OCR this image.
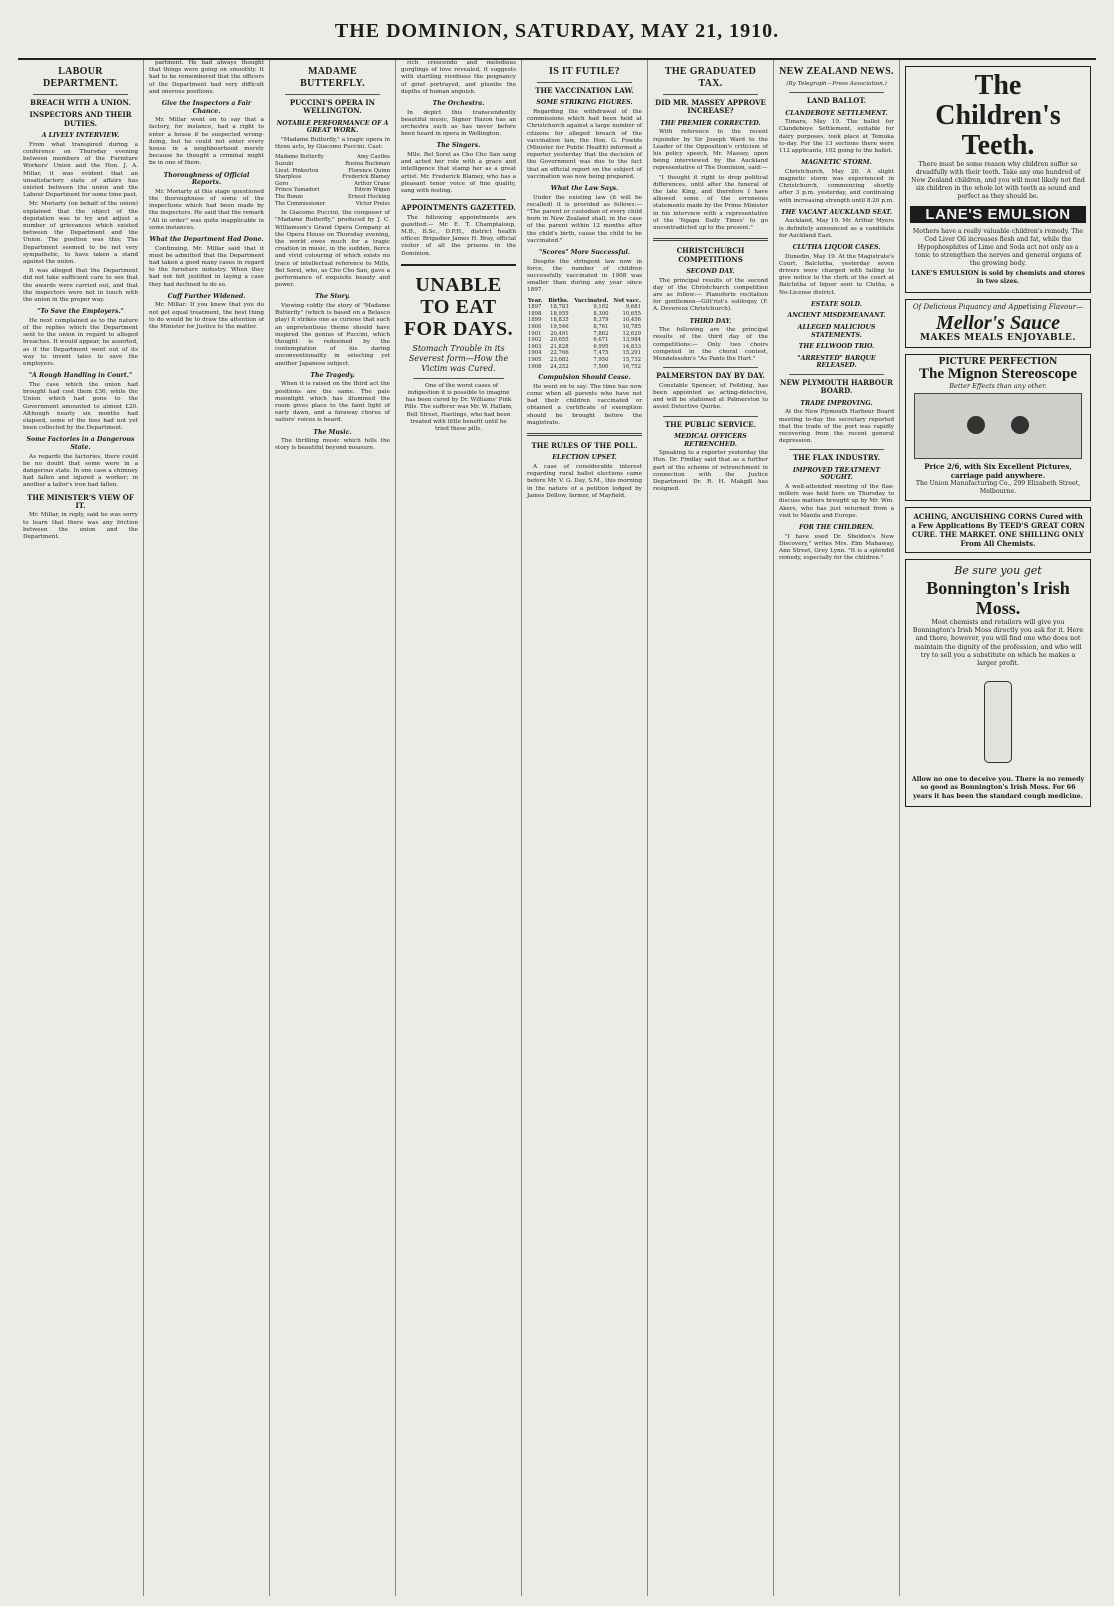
THE DOMINION, SATURDAY, MAY 21, 1910.
LABOUR DEPARTMENT.
BREACH WITH A UNION.
INSPECTORS AND THEIR DUTIES.
A LIVELY INTERVIEW.

From what transpired during a conference on Thursday evening between members of the Furniture Workers' Union and the Hon. J. A. Millar, it was evident that an unsatisfactory state of affairs has existed between the union and the Labour Department for some time past.

Mr. Moriarty (on behalf of the union) explained that the object of the deputation was to try and adjust a number of grievances which existed between the Department and the Union. The position was this: The Department seemed to be not very sympathetic, to have taken a stand against the union.

It was alleged that the Department did not take sufficient care to see that the awards were carried out, and that the inspectors were not in touch with the union in the proper way.

"To Save the Employers."

He next complained as to the nature of the replies which the Department sent to the union in regard to alleged breaches. It would appear, he asserted, as if the Department went out of its way to invent tales to save the employers.

"A Rough Handling in Court."

The case which the union had brought had cost them £36, while the Union which had gone to the Government amounted to almost £20. Although nearly six months had elapsed, some of the fees had not yet been collected by the Department.

Some Factories in a Dangerous State.

As regards the factories, there could be no doubt that some were in a dangerous state. In one case a chimney had fallen and injured a worker; in another a tailor's iron had fallen.

THE MINISTER'S VIEW OF IT.

Mr. Millar, in reply, said he was sorry to learn that there was any friction between the union and the Department.

partment. He had always thought that things were going on smoothly. It had to be remembered that the officers of the Department had very difficult and onerous positions.

Give the Inspectors a Fair Chance.

Mr. Millar went on to say that a factory, for instance, had a right to enter a house if he suspected wrong-doing, but he could not enter every house in a neighbourhood merely because he thought a criminal might be in one of them.

Thoroughness of Official Reports.

Mr. Moriarty at this stage questioned the thoroughness of some of the inspections which had been made by the inspectors. He said that the remark "All in order" was quite inapplicable in some instances.

What the Department Had Done.

Continuing, Mr. Millar said that it must be admitted that the Department had taken a good many cases in regard to the furniture industry. When they had not felt justified in laying a case they had declined to do so.

Cuff Further Widened.

Mr. Millar: If you knew that you do not get equal treatment, the best thing to do would be to draw the attention of the Minister for Justice to the matter.

MADAME BUTTERFLY.
PUCCINI'S OPERA IN WELLINGTON.
NOTABLE PERFORMANCE OF A GREAT WORK.

"Madame Butterfly," a tragic opera in three acts, by Giacomo Puccini. Cast:

Madame Butterfly	Amy Castles
Suzuki	Rosina Buckman
Lieut. Pinkerton	Florence Quinn
Sharpless	Frederick Blamey
Goro	Arthur Crane
Prince Yamadori	Edwin Wigan
The Bonze	Ernest Hocking
The Commissioner	Victor Preiss

In Giacomo Puccini, the composer of "Madame Butterfly," produced by J. C. Williamson's Grand Opera Company at the Opera House on Thursday evening, the world owes much for a tragic creation in music, in the sudden, fierce and vivid colouring of which exists no trace of intellectual reference to Mills, Bel Sorel, who, as Cho Cho San, gave a performance of exquisite beauty and power.

The Story.

Viewing coldly the story of "Madame Butterfly" (which is based on a Belasco play) it strikes one as curious that such an unpretentious theme should have inspired the genius of Puccini, which thought is redeemed by the contemplation of his daring unconventionality in selecting yet another Japanese subject.

The Tragedy.

When it is raised on the third act the positions are the same. The pale moonlight which has illumined the room gives place to the faint light of early dawn, and a faraway chorus of sailors' voices is heard.

The Music.

The thrilling music which tells the story is beautiful beyond measure.

rich crescendo and melodious gurglings of love revealed, it suggests with startling vividness the poignancy of grief portrayed, and plumbs the depths of human anguish.

The Orchestra.

In depict this transcendently beautiful music, Signor Hazon has an orchestra such as has never before been heard in opera in Wellington.

The Singers.

Mlle. Bel Sorel as Cho Cho San sang and acted her role with a grace and intelligence that stamp her as a great artist. Mr. Frederick Blamey, who has a pleasant tenor voice of fine quality, sang with feeling.

APPOINTMENTS GAZETTED.

The following appointments are gazetted:— Mr. E. T. Champtaloup, M.B., B.Sc., D.P.H., district health officer. Brigadier James H. Bray, official visitor of all the prisons in the Dominion.

UNABLE TO EAT FOR DAYS.
Stomach Trouble in its Severest form—How the Victim was Cured.

One of the worst cases of indigestion it is possible to imagine has been cured by Dr. Williams' Pink Pills. The sufferer was Mr. W. Hallam, Bell Street, Hastings, who had been treated with little benefit until he tried these pills.

IS IT FUTILE?
THE VACCINATION LAW.
SOME STRIKING FIGURES.

Regarding the withdrawal of the commissions which had been held at Christchurch against a large number of citizens for alleged breach of the vaccination law, the Hon. G. Fowlds (Minister for Public Health) informed a reporter yesterday that the decision of the Government was due to the fact that an official report on the subject of vaccination was now being prepared.

What the Law Says.

Under the existing law (it will be recalled) it is provided as follows:— "The parent or custodian of every child born in New Zealand shall, in the case of the parent within 12 months after the child's birth, cause the child to be vaccinated."

"Scores" More Successful.

Despite the stringent law now in force, the number of children successfully vaccinated in 1908 was smaller than during any year since 1897.

Year.	Births.	Vaccinated.	Not vacc.
1897	18,783	9,102	9,681
1898	18,955	8,300	10,655
1899	18,835	8,379	10,456
1900	19,546	8,761	10,785
1901	20,491	7,862	12,629
1902	20,655	6,671	13,984
1903	21,828	6,995	14,833
1904	22,766	7,475	15,291
1905	23,682	7,950	15,732
1908	24,252	7,500	16,752
Compulsion Should Cease.

He went on to say: The time has now come when all parents who have not had their children vaccinated or obtained a certificate of exemption should be brought before the magistrate.

THE RULES OF THE POLL.
ELECTION UPSET.

A case of considerable interest regarding rural ballot elections came before Mr. V. G. Day, S.M., this morning in the nature of a petition lodged by James Dellow, farmer, of Mayfield.

THE GRADUATED TAX.
DID MR. MASSEY APPROVE INCREASE?
THE PREMIER CORRECTED.

With reference to the recent rejoinder by Sir Joseph Ward to the Leader of the Opposition's criticism of his policy speech, Mr. Massey, upon being interviewed by the Auckland representative of The Dominion, said:—

"I thought it right to drop political differences, until after the funeral of the late King, and therefore I have allowed some of the erroneous statements made by the Prime Minister in his interview with a representative of the 'Ngapu Daily Times' to go uncontradicted up to the present."

CHRISTCHURCH COMPETITIONS
SECOND DAY.

The principal results of the second day of the Christchurch competition are as follow:— Pianoforte recitation for gentlemen—Gilt'rist's soliloquy (F. A. Devereux Christchurch).

THIRD DAY.

The following are the principal results of the third day of the competitions:— Only two choirs competed in the choral contest, Mendelssohn's "As Pants the Hart."

PALMERSTON DAY BY DAY.

Constable Spencer, of Feilding, has been appointed as acting-detective, and will be stationed at Palmerston to assist Detective Quirke.

THE PUBLIC SERVICE.
MEDICAL OFFICERS RETRENCHED.

Speaking to a reporter yesterday the Hon. Dr. Findlay said that as a further part of the scheme of retrenchment in connection with the Justice Department Dr. R. H. Makgill has resigned.

NEW ZEALAND NEWS.
(By Telegraph—Press Association.)
LAND BALLOT.
CLANDEBOYE SETTLEMENT.

Timaru, May 19. The ballot for Clandeboye Settlement, suitable for dairy purposes, took place at Temuka to-day. For the 13 sections there were 112 applicants, 102 going to the ballot.

MAGNETIC STORM.

Christchurch, May 20. A slight magnetic storm was experienced in Christchurch, commencing shortly after 3 p.m. yesterday, and continuing with increasing strength until 8.20 p.m.

THE VACANT AUCKLAND SEAT.

Auckland, May 19. Mr. Arthur Myers is definitely announced as a candidate for Auckland East.

CLUTHA LIQUOR CASES.

Dunedin, May 19. At the Magistrate's Court, Balclutha, yesterday seven drivers were charged with failing to give notice to the clerk of the court at Balclutha of liquor sent to Clutha, a No-License district.

ESTATE SOLD.
ANCIENT MISDEMEANANT.
ALLEGED MALICIOUS STATEMENTS.
THE ELLWOOD TRIO.
"ARRESTED" BARQUE RELEASED.
NEW PLYMOUTH HARBOUR BOARD.
TRADE IMPROVING.

At the New Plymouth Harbour Board meeting to-day the secretary reported that the trade of the port was rapidly recovering from the recent general depression.

THE FLAX INDUSTRY.
IMPROVED TREATMENT SOUGHT.

A well-attended meeting of the flax-millers was held here on Thursday to discuss matters brought up by Mr. Wm. Akers, who has just returned from a visit to Manila and Europe.

FOR THE CHILDREN.

"I have used Dr. Sheldon's New Discovery," writes Mrs. Elm Mahaway, Ann Street, Grey Lynn. "It is a splendid remedy, especially for the children."

The Children's Teeth.

There must be some reason why children suffer so dreadfully with their teeth. Take any one hundred of New Zealand children, and you will most likely not find six children in the whole lot with teeth as sound and perfect as they should be.

LANE'S EMULSION

Mothers have a really valuable children's remedy. The Cod Liver Oil increases flesh and fat, while the Hypophosphites of Lime and Soda act not only as a tonic to strengthen the nerves and general organs of the growing body.

LANE'S EMULSION is sold by chemists and stores in two sizes.

Of Delicious Piquancy and Appetising Flavour—
Mellor's Sauce
MAKES MEALS ENJOYABLE.
PICTURE PERFECTION
The Mignon Stereoscope
Better Effects than any other.
Price 2/6, with Six Excellent Pictures, carriage paid anywhere.
The Union Manufacturing Co., 299 Elizabeth Street, Melbourne.
ACHING, ANGUISHING CORNS Cured with a Few Applications By TEED'S GREAT CORN CURE. THE MARKET. ONE SHILLING ONLY From All Chemists.
Be sure you get
Bonnington's Irish Moss.

Most chemists and retailers will give you Bonnington's Irish Moss directly you ask for it. Here and there, however, you will find one who does not maintain the dignity of the profession, and who will try to sell you a substitute on which he makes a larger profit.

Allow no one to deceive you. There is no remedy so good as Bonnington's Irish Moss. For 66 years it has been the standard cough medicine.
